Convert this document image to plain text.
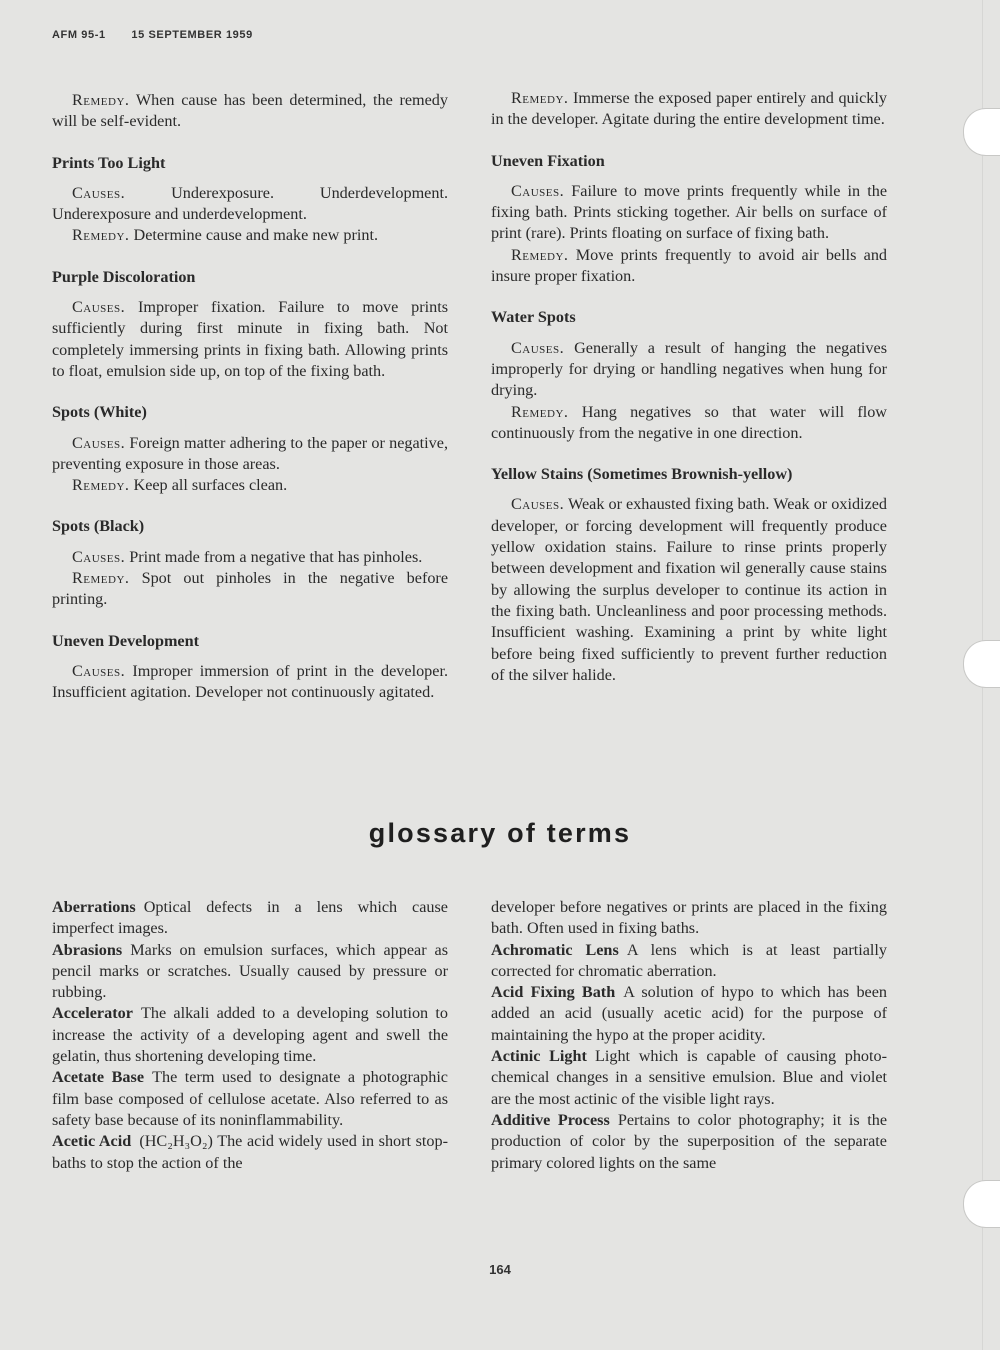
AFM 95-1 15 SEPTEMBER 1959

Remedy. When cause has been determined, the remedy will be self-evident.

Prints Too Light

Causes.	Underexposure. Underdevelopment. Underexposure and underdevelopment.

Remedy. Determine cause and make new print.

Purple Discoloration

Causes. Improper fixation. Failure to move prints sufficiently during first minute in fixing bath. Not completely immersing prints in fixing bath. Allowing prints to float, emulsion side up, on top of the fixing bath.

Spots (White)

Causes. Foreign matter adhering to the paper or negative, preventing exposure in those areas.

Remedy. Keep all surfaces clean.

Spots (Black)

Causes. Print made from a negative that has pinholes.

Remedy. Spot out pinholes in the negative before printing.

Uneven Development

Causes. Improper immersion of print in the developer. Insufficient agitation. Developer not continuously agitated.

Remedy. Immerse the exposed paper entirely and quickly in the developer. Agitate during the entire development time.

Uneven Fixation

Causes. Failure to move prints frequently while in the fixing bath. Prints sticking together. Air bells on surface of print (rare). Prints floating on surface of fixing bath.

Remedy. Move prints frequently to avoid air bells and insure proper fixation.

Water Spots

Causes. Generally a result of hanging the negatives improperly for drying or handling negatives when hung for drying.

Remedy. Hang negatives so that water will flow continuously from the negative in one direction.

Yellow Stains (Sometimes Brownish-yellow)

Causes. Weak or exhausted fixing bath. Weak or oxidized developer, or forcing development will frequently produce yellow oxidation stains. Failure to rinse prints properly between development and fixation wil generally cause stains by allowing the surplus developer to continue its action in the fixing bath. Uncleanliness and poor processing methods. Insufficient washing. Examining a print by white light before being fixed sufficiently to prevent further reduction of the silver halide.

glossary of terms

Aberrations  Optical defects in a lens which cause imperfect images.

Abrasions  Marks on emulsion surfaces, which appear as pencil marks or scratches. Usually caused by pressure or rubbing.

Accelerator  The alkali added to a developing solution to increase the activity of a developing agent and swell the gelatin, thus shortening developing time.

Acetate Base  The term used to designate a photographic film base composed of cellulose acetate. Also referred to as safety base because of its noninflammability.

Acetic Acid  (HC₂H₃O₂) The acid widely used in short stop-baths to stop the action of the

developer before negatives or prints are placed in the fixing bath. Often used in fixing baths.

Achromatic Lens  A lens which is at least partially corrected for chromatic aberration.

Acid Fixing Bath  A solution of hypo to which has been added an acid (usually acetic acid) for the purpose of maintaining the hypo at the proper acidity.

Actinic Light  Light which is capable of causing photo-chemical changes in a sensitive emulsion. Blue and violet are the most actinic of the visible light rays.

Additive Process  Pertains to color photography; it is the production of color by the superposition of the separate primary colored lights on the same

164
